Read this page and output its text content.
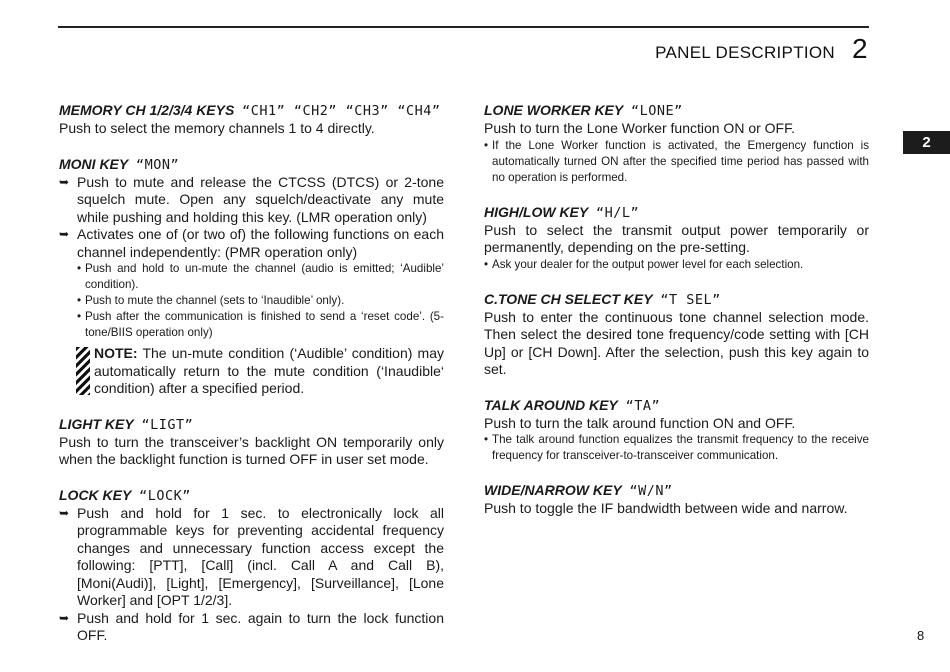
PANEL DESCRIPTION 2
2
8
MEMORY CH 1/2/3/4 KEYS “CH1” “CH2” “CH3” “CH4”
Push to select the memory channels 1 to 4 directly.
MONI KEY “MON”
➥ Push to mute and release the CTCSS (DTCS) or 2-tone squelch mute. Open any squelch/deactivate any mute while pushing and holding this key. (LMR operation only)
➥ Activates one of (or two of) the following functions on each channel independently: (PMR operation only)
• Push and hold to un-mute the channel (audio is emitted; ‘Audible’ condition).
• Push to mute the channel (sets to ‘Inaudible’ only).
• Push after the communication is finished to send a ‘reset code’. (5-tone/BIIS operation only)
NOTE: The un-mute condition (‘Audible’ condition) may automatically return to the mute condition (‘Inaudible‘ condition) after a specified period.
LIGHT KEY “LIGT”
Push to turn the transceiver’s backlight ON temporarily only when the backlight function is turned OFF in user set mode.
LOCK KEY “LOCK”
➥ Push and hold for 1 sec. to electronically lock all programmable keys for preventing accidental frequency changes and unnecessary function access except the following: [PTT], [Call] (incl. Call A and Call B), [Moni(Audi)], [Light], [Emergency], [Surveillance], [Lone Worker] and [OPT 1/2/3].
➥ Push and hold for 1 sec. again to turn the lock function OFF.
LONE WORKER KEY “LONE”
Push to turn the Lone Worker function ON or OFF.
• If the Lone Worker function is activated, the Emergency function is automatically turned ON after the specified time period has passed with no operation is performed.
HIGH/LOW KEY “H/L”
Push to select the transmit output power temporarily or permanently, depending on the pre-setting.
• Ask your dealer for the output power level for each selection.
C.TONE CH SELECT KEY “T SEL”
Push to enter the continuous tone channel selection mode. Then select the desired tone frequency/code setting with [CH Up] or [CH Down]. After the selection, push this key again to set.
TALK AROUND KEY “TA”
Push to turn the talk around function ON and OFF.
• The talk around function equalizes the transmit frequency to the receive frequency for transceiver-to-transceiver communication.
WIDE/NARROW KEY “W/N”
Push to toggle the IF bandwidth between wide and narrow.
